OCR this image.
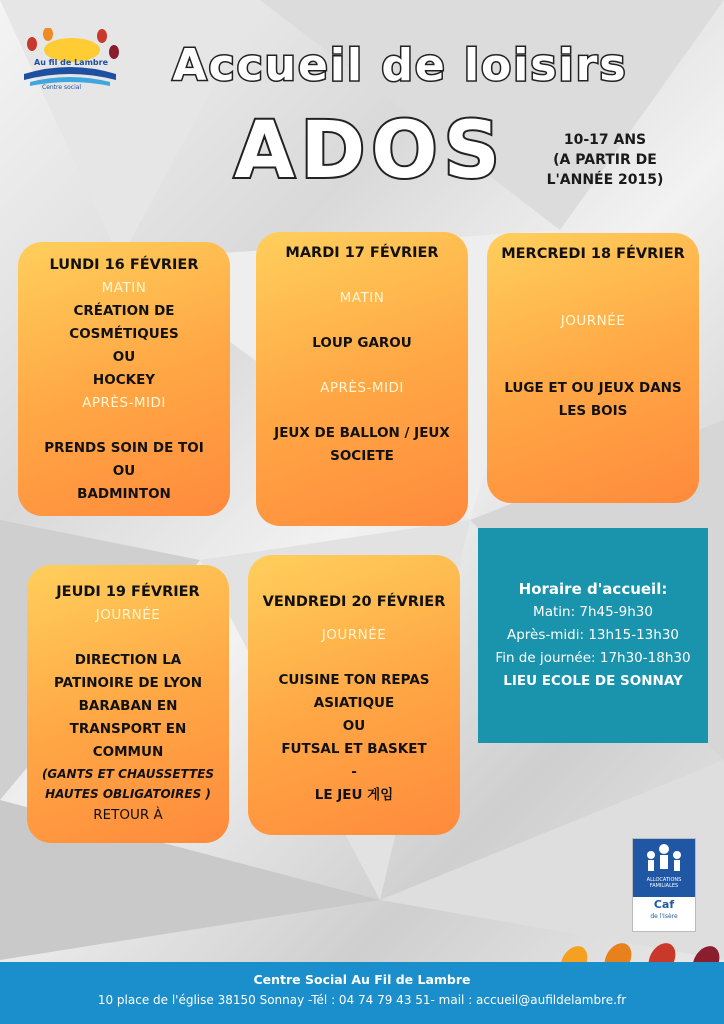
Au fil de Lambre
Centre social	Accueil de loisirs
ADOS	10-17 ANS
(A PARTIR DE
L'ANNÉE 2015)
LUNDI 16 FÉVRIER
MATIN
CRÉATION DE
COSMÉTIQUES
OU
HOCKEY
APRÈS-MIDI
PRENDS SOIN DE TOI
OU
BADMINTON
MARDI 17 FÉVRIER
MATIN
LOUP GAROU
APRÈS-MIDI
JEUX DE BALLON / JEUX
SOCIETE
MERCREDI 18 FÉVRIER
JOURNÉE
LUGE ET OU JEUX DANS
LES BOIS
JEUDI 19 FÉVRIER
JOURNÉE
DIRECTION LA
PATINOIRE DE LYON
BARABAN EN
TRANSPORT EN
COMMUN
(GANTS ET CHAUSSETTES
HAUTES OBLIGATOIRES )
RETOUR À
VENDREDI 20 FÉVRIER
JOURNÉE
CUISINE TON REPAS
ASIATIQUE
OU
FUTSAL ET BASKET
-
LE JEU 게임
Horaire d'accueil:
Matin: 7h45-9h30
Après-midi: 13h15-13h30
Fin de journée: 17h30-18h30
LIEU ECOLE DE SONNAY
ALLOCATIONS
FAMILIALES
Caf
de l'Isère
Centre Social Au Fil de Lambre
10 place de l'église 38150 Sonnay -Tél : 04 74 79 43 51- mail : accueil@aufildelambre.fr
